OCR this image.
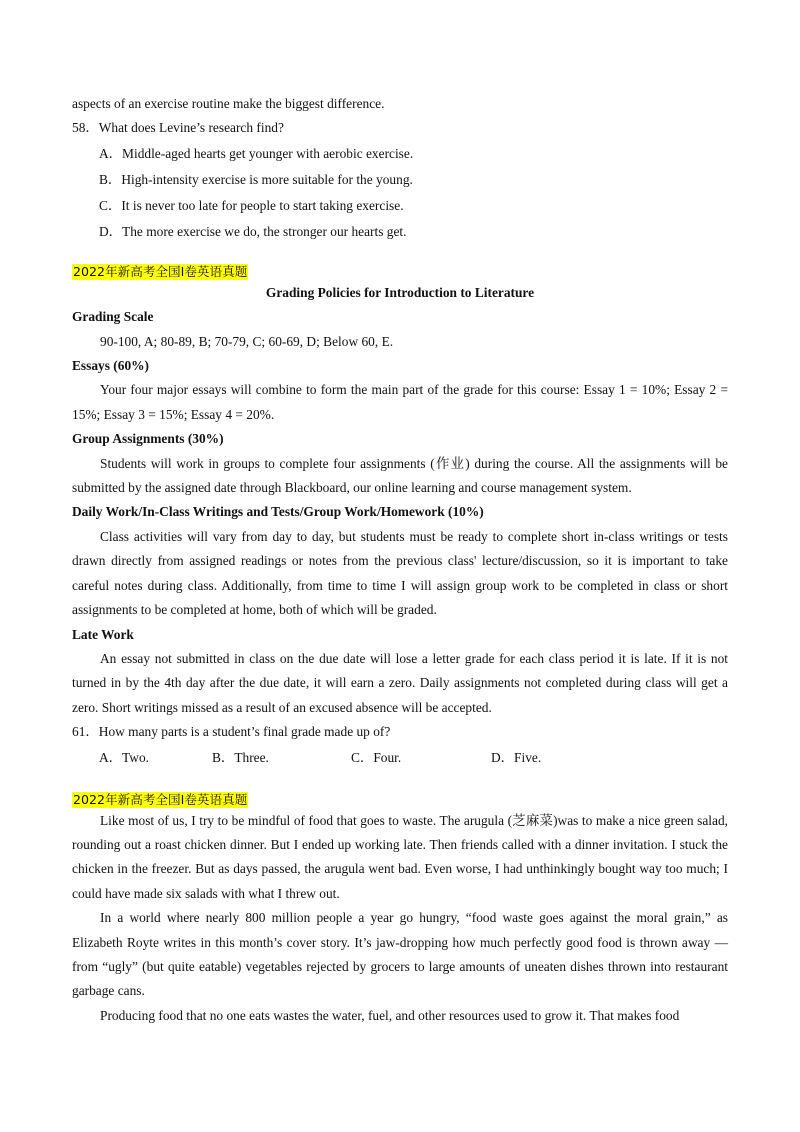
aspects of an exercise routine make the biggest difference.

58．What does Levine’s research find?

A．Middle-aged hearts get younger with aerobic exercise.

B．High-intensity exercise is more suitable for the young.

C．It is never too late for people to start taking exercise.

D．The more exercise we do, the stronger our hearts get.

2022年新高考全国I卷英语真题

Grading Policies for Introduction to Literature

Grading Scale

90-100, A; 80-89, B; 70-79, C; 60-69, D; Below 60, E.

Essays (60%)

Your four major essays will combine to form the main part of the grade for this course: Essay 1 = 10%; Essay 2 = 15%; Essay 3 = 15%; Essay 4 = 20%.

Group Assignments (30%)

Students will work in groups to complete four assignments (作业) during the course. All the assignments will be submitted by the assigned date through Blackboard, our online learning and course management system.

Daily Work/In-Class Writings and Tests/Group Work/Homework (10%)

Class activities will vary from day to day, but students must be ready to complete short in-class writings or tests drawn directly from assigned readings or notes from the previous class' lecture/discussion, so it is important to take careful notes during class. Additionally, from time to time I will assign group work to be completed in class or short assignments to be completed at home, both of which will be graded.

Late Work

An essay not submitted in class on the due date will lose a letter grade for each class period it is late. If it is not turned in by the 4th day after the due date, it will earn a zero. Daily assignments not completed during class will get a zero. Short writings missed as a result of an excused absence will be accepted.

61．How many parts is a student’s final grade made up of?

A．Two.	B．Three.	C．Four.	D．Five.

2022年新高考全国I卷英语真题

Like most of us, I try to be mindful of food that goes to waste. The arugula (芝麻菜)was to make a nice green salad, rounding out a roast chicken dinner. But I ended up working late. Then friends called with a dinner invitation. I stuck the chicken in the freezer. But as days passed, the arugula went bad. Even worse, I had unthinkingly bought way too much; I could have made six salads with what I threw out.

In a world where nearly 800 million people a year go hungry, “food waste goes against the moral grain,” as Elizabeth Royte writes in this month’s cover story. It’s jaw-dropping how much perfectly good food is thrown away — from “ugly” (but quite eatable) vegetables rejected by grocers to large amounts of uneaten dishes thrown into restaurant garbage cans.

Producing food that no one eats wastes the water, fuel, and other resources used to grow it. That makes food
